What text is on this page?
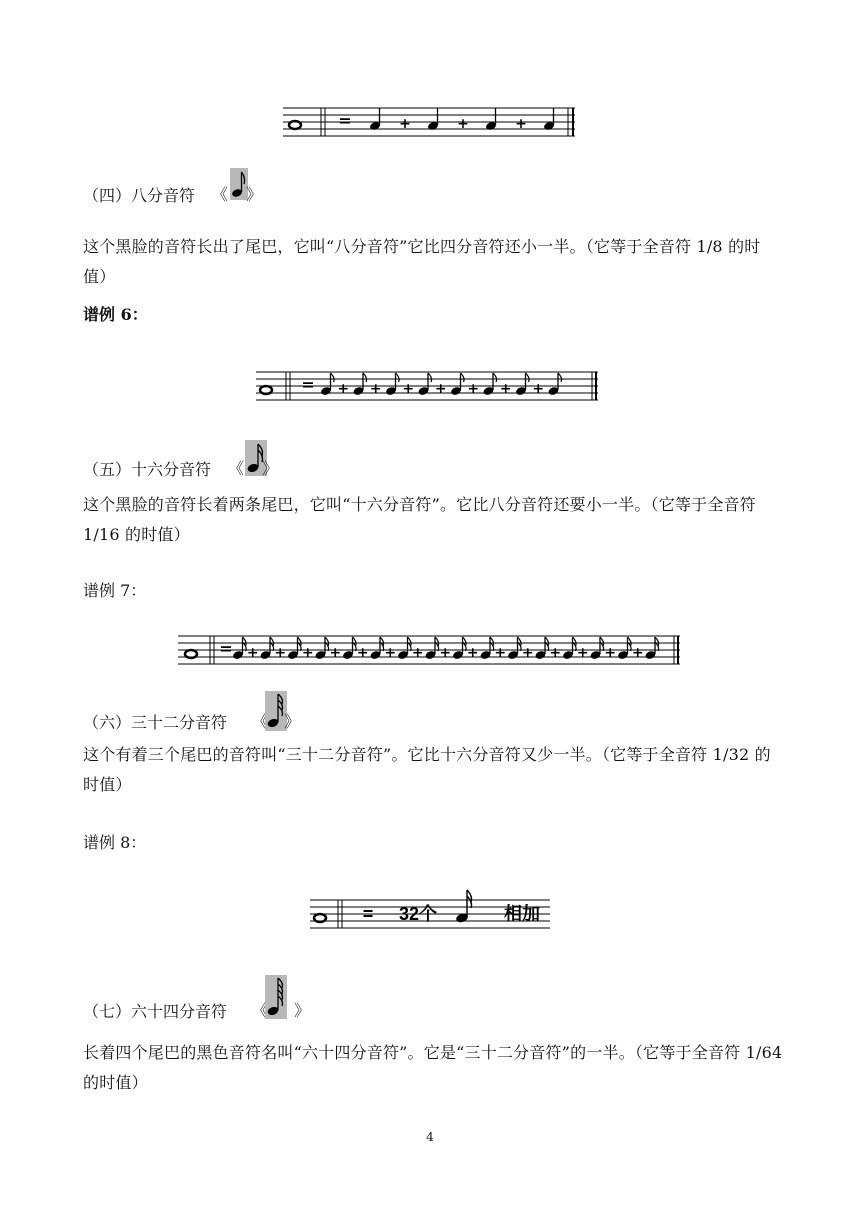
=	+	+	+
（四）八分音符 《 》
这个黑脸的音符长出了尾巴，它叫“八分音符”它比四分音符还小一半。（它等于全音符 1/8 的时值）
谱例 6：
= + + + + + + +
（五）十六分音符 《 》
这个黑脸的音符长着两条尾巴，它叫“十六分音符”。它比八分音符还要小一半。（它等于全音符 1/16 的时值）
谱例 7：
= + + + + + + + + + + + + + + +
（六）三十二分音符 《 》
这个有着三个尾巴的音符叫“三十二分音符”。它比十六分音符又少一半。（它等于全音符 1/32 的时值）
谱例 8：
= 32个	相加
（七）六十四分音符 《 》
长着四个尾巴的黑色音符名叫“六十四分音符”。它是“三十二分音符”的一半。（它等于全音符 1/64 的时值）
4
